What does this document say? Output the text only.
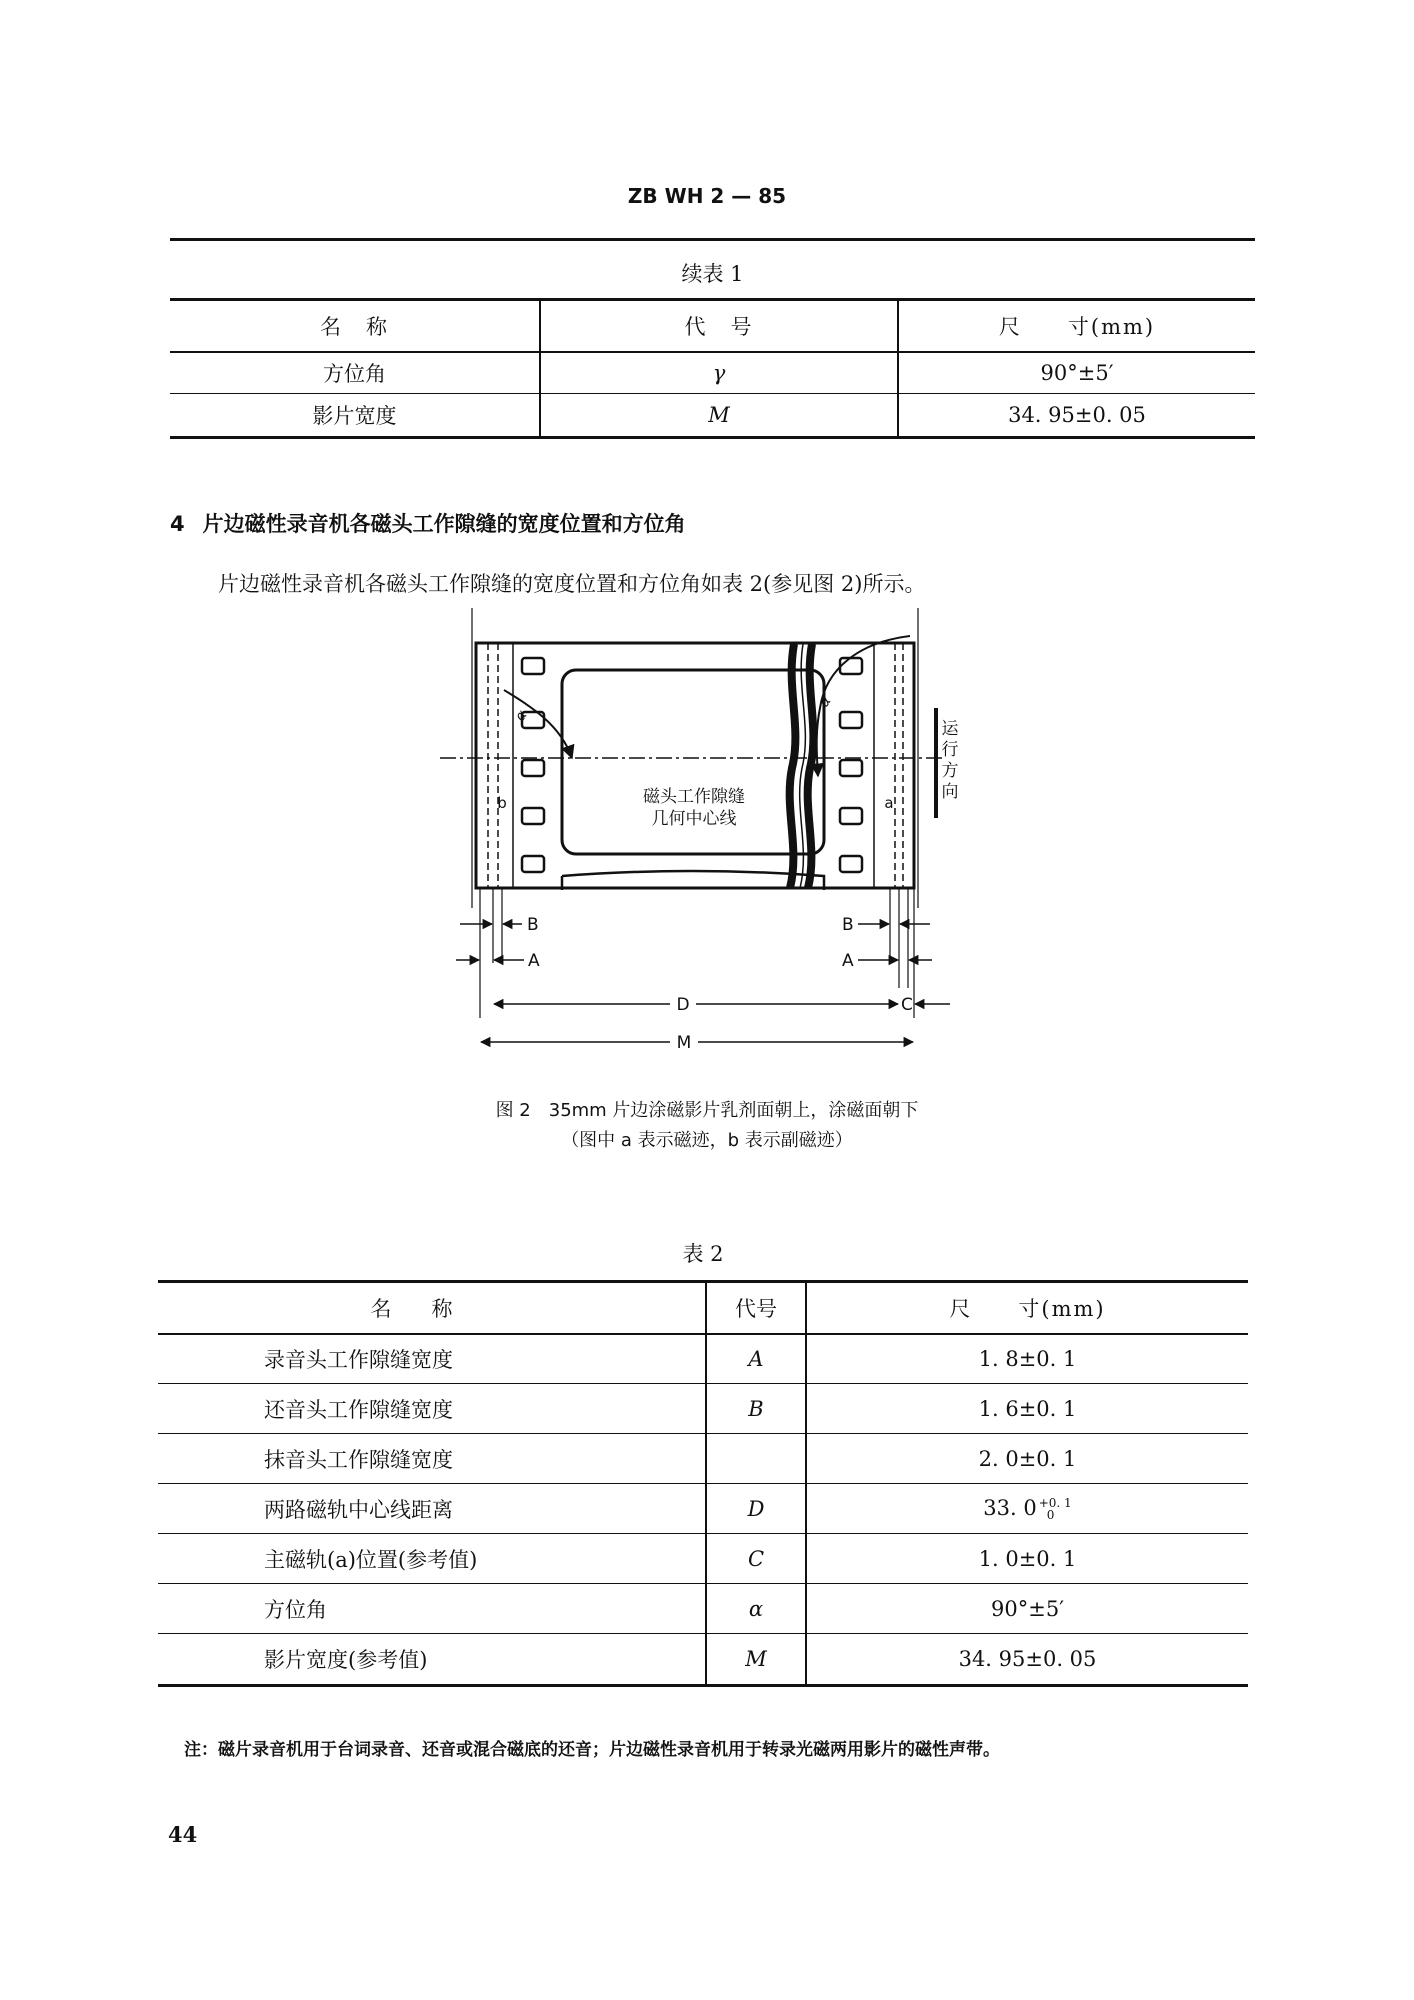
ZB WH 2 — 85
续表 1
名　称	代　号	尺　　寸(mm)
方位角	γ	90°±5′
影片宽度	M	34. 95±0. 05
4 片边磁性录音机各磁头工作隙缝的宽度位置和方位角
片边磁性录音机各磁头工作隙缝的宽度位置和方位角如表 2(参见图 2)所示。
α
α
磁头工作隙缝
几何中心线
b	a
运
行
方
向
B
A
B
A
D	C
M
图 2　35mm 片边涂磁影片乳剂面朝上，涂磁面朝下
（图中 a 表示磁迹，b 表示副磁迹）
表 2
名称	代号	尺　　寸(mm)
录音头工作隙缝宽度	A	1. 8±0. 1
还音头工作隙缝宽度	B	1. 6±0. 1
抹音头工作隙缝宽度		2. 0±0. 1
两路磁轨中心线距离	D	33. 0 +0. 1
0

主磁轨(a)位置(参考值)	C	1. 0±0. 1
方位角	α	90°±5′
影片宽度(参考值)	M	34. 95±0. 05
注：磁片录音机用于台词录音、还音或混合磁底的还音；片边磁性录音机用于转录光磁两用影片的磁性声带。
44
